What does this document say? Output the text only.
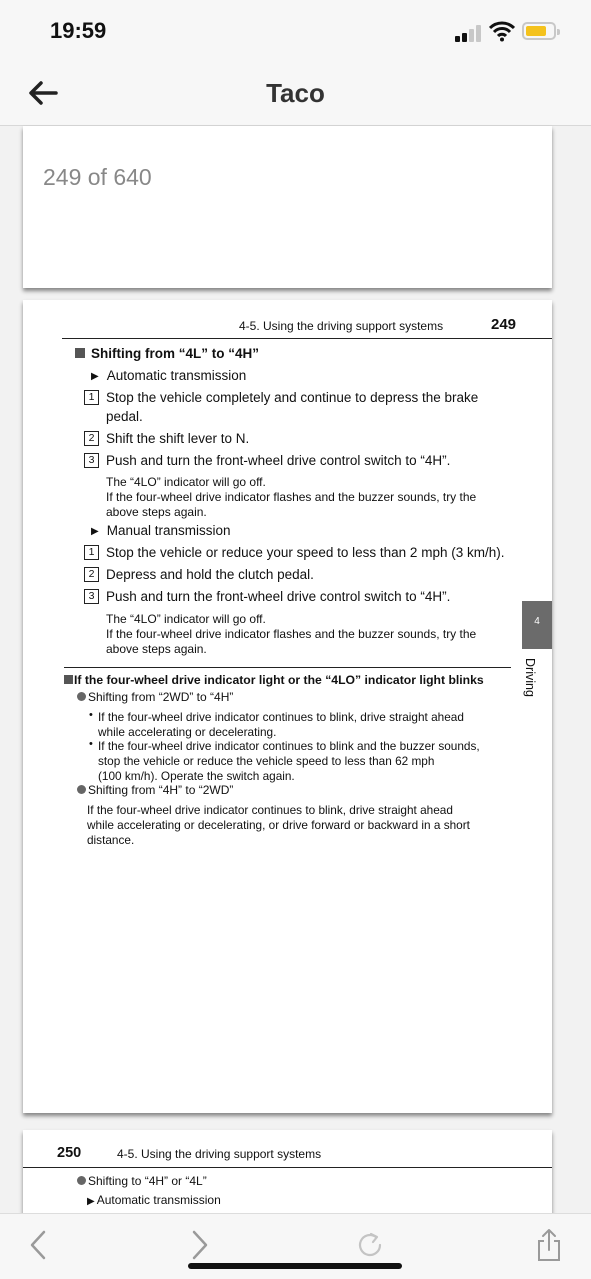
19:59
Taco
249 of 640
4-5. Using the driving support systems	249
Shifting from “4L” to “4H”
▶ Automatic transmission
1 Stop the vehicle completely and continue to depress the brake
pedal.
2 Shift the shift lever to N.
3 Push and turn the front-wheel drive control switch to “4H”.
The “4LO” indicator will go off.
If the four-wheel drive indicator flashes and the buzzer sounds, try the
above steps again.
▶ Manual transmission
1 Stop the vehicle or reduce your speed to less than 2 mph (3 km/h).
2 Depress and hold the clutch pedal.
3 Push and turn the front-wheel drive control switch to “4H”.
The “4LO” indicator will go off.
If the four-wheel drive indicator flashes and the buzzer sounds, try the
above steps again.
If the four-wheel drive indicator light or the “4LO” indicator light blinks
Shifting from “2WD” to “4H”
• If the four-wheel drive indicator continues to blink, drive straight ahead
while accelerating or decelerating.
• If the four-wheel drive indicator continues to blink and the buzzer sounds,
stop the vehicle or reduce the vehicle speed to less than 62 mph
(100 km/h). Operate the switch again.
Shifting from “4H” to “2WD”
If the four-wheel drive indicator continues to blink, drive straight ahead
while accelerating or decelerating, or drive forward or backward in a short
distance.
4
Driving
250	4-5. Using the driving support systems
Shifting to “4H” or “4L”
▶ Automatic transmission
